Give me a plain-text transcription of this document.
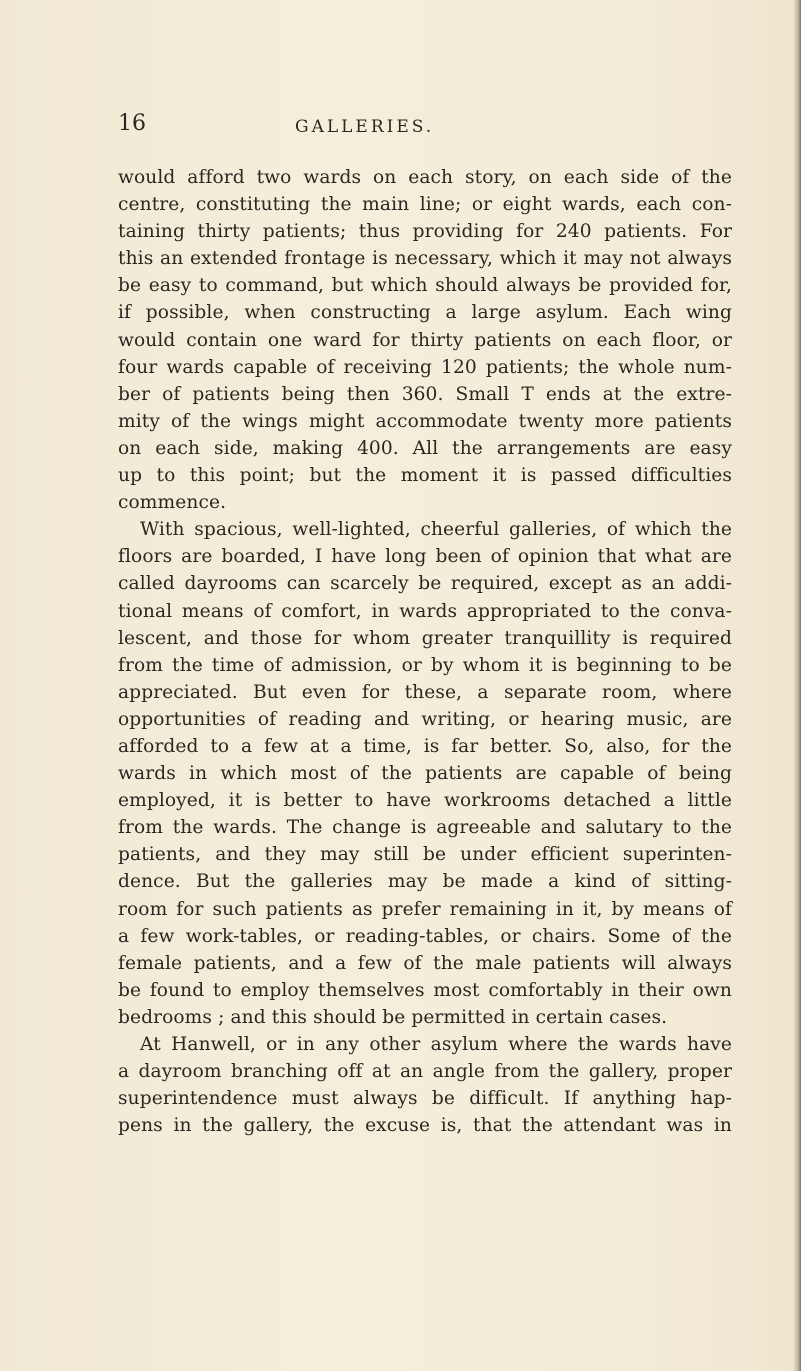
16	GALLERIES.
would afford two wards on each story, on each side of the
centre, constituting the main line; or eight wards, each con-
taining thirty patients; thus providing for 240 patients. For
this an extended frontage is necessary, which it may not always
be easy to command, but which should always be provided for,
if possible, when constructing a large asylum. Each wing
would contain one ward for thirty patients on each floor, or
four wards capable of receiving 120 patients; the whole num-
ber of patients being then 360. Small T ends at the extre-
mity of the wings might accommodate twenty more patients
on each side, making 400. All the arrangements are easy
up to this point; but the moment it is passed difficulties
commence.
With spacious, well-lighted, cheerful galleries, of which the
floors are boarded, I have long been of opinion that what are
called dayrooms can scarcely be required, except as an addi-
tional means of comfort, in wards appropriated to the conva-
lescent, and those for whom greater tranquillity is required
from the time of admission, or by whom it is beginning to be
appreciated. But even for these, a separate room, where
opportunities of reading and writing, or hearing music, are
afforded to a few at a time, is far better. So, also, for the
wards in which most of the patients are capable of being
employed, it is better to have workrooms detached a little
from the wards. The change is agreeable and salutary to the
patients, and they may still be under efficient superinten-
dence. But the galleries may be made a kind of sitting-
room for such patients as prefer remaining in it, by means of
a few work-tables, or reading-tables, or chairs. Some of the
female patients, and a few of the male patients will always
be found to employ themselves most comfortably in their own
bedrooms ; and this should be permitted in certain cases.
At Hanwell, or in any other asylum where the wards have
a dayroom branching off at an angle from the gallery, proper
superintendence must always be difficult. If anything hap-
pens in the gallery, the excuse is, that the attendant was in
